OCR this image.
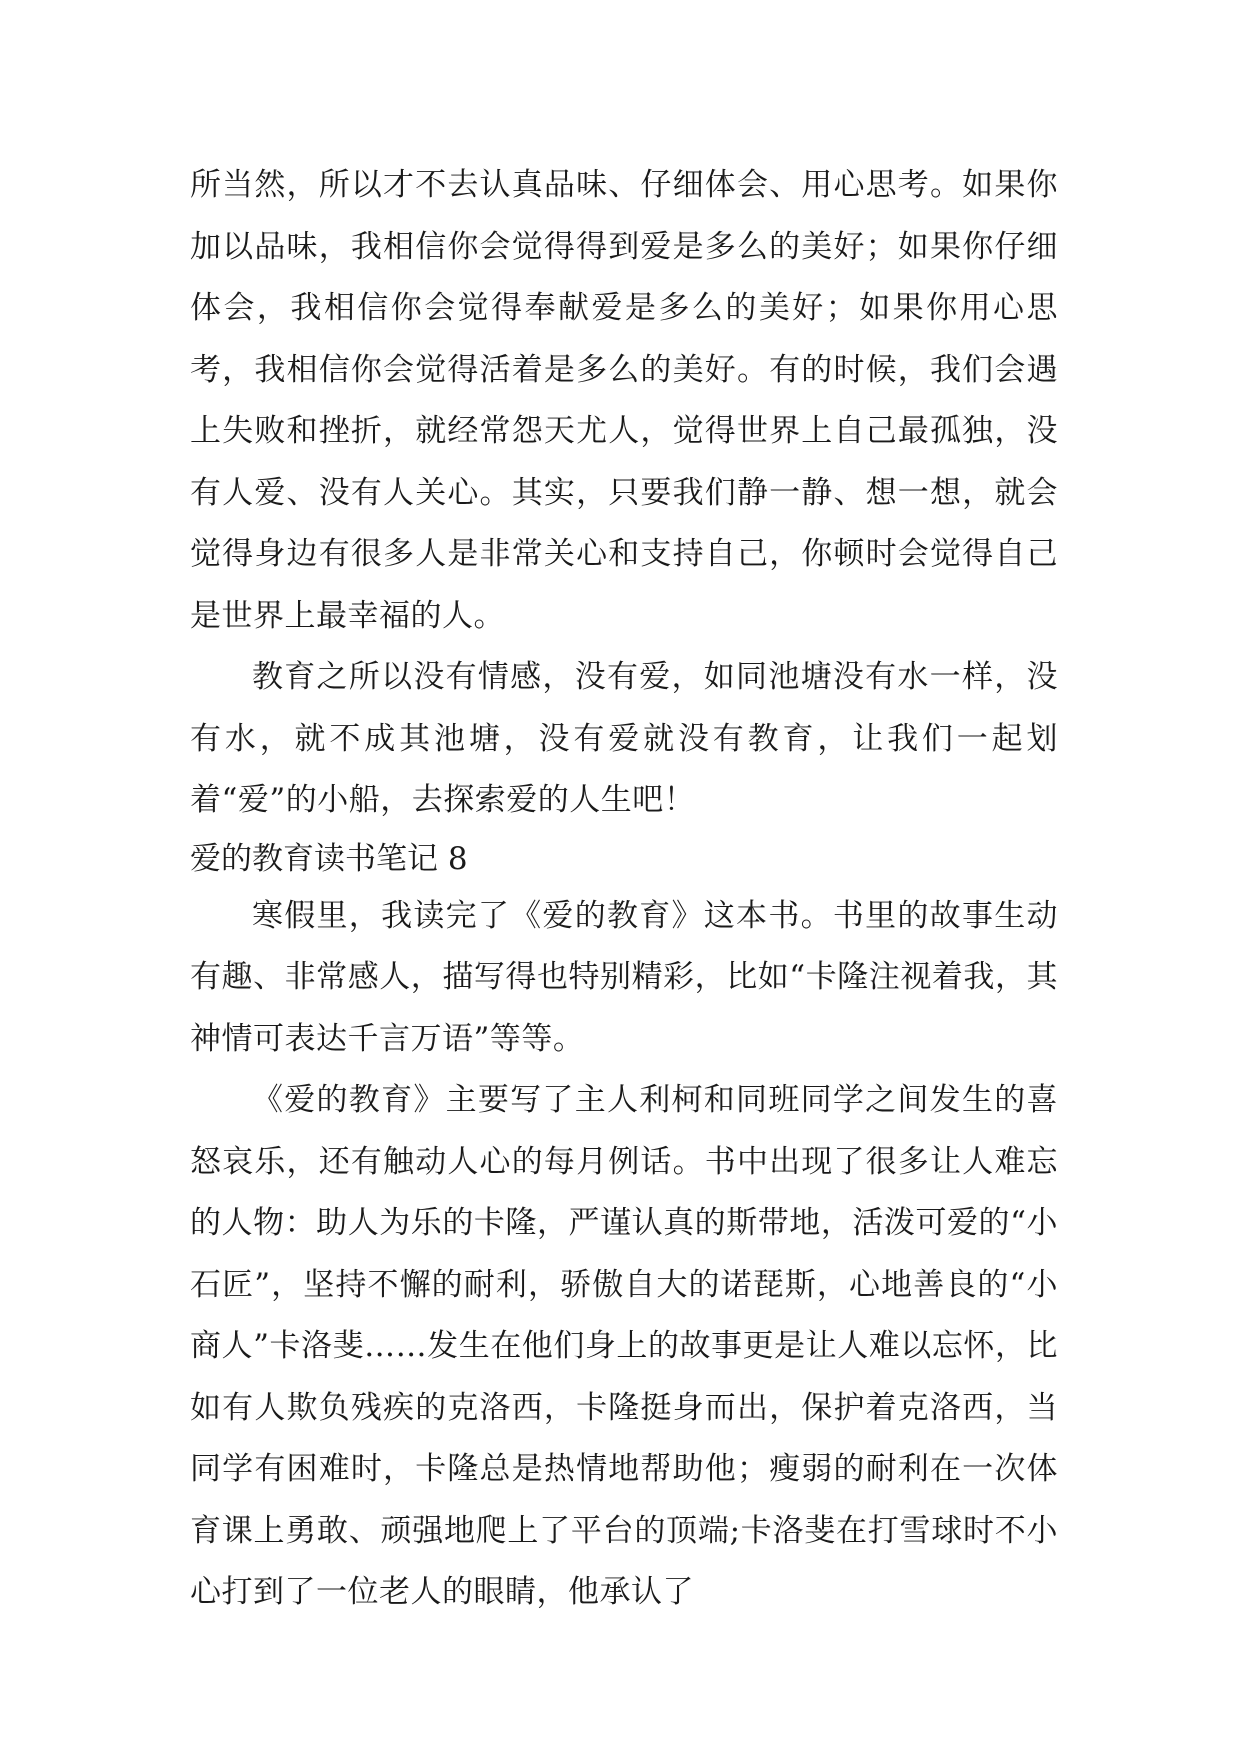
所当然，所以才不去认真品味、仔细体会、用心思考。如果你加以品味，我相信你会觉得得到爱是多么的美好；如果你仔细体会，我相信你会觉得奉献爱是多么的美好；如果你用心思考，我相信你会觉得活着是多么的美好。有的时候，我们会遇上失败和挫折，就经常怨天尤人，觉得世界上自己最孤独，没有人爱、没有人关心。其实，只要我们静一静、想一想，就会觉得身边有很多人是非常关心和支持自己，你顿时会觉得自己是世界上最幸福的人。

教育之所以没有情感，没有爱，如同池塘没有水一样，没有水，就不成其池塘，没有爱就没有教育，让我们一起划着“爱”的小船，去探索爱的人生吧！

爱的教育读书笔记 8

寒假里，我读完了《爱的教育》这本书。书里的故事生动有趣、非常感人，描写得也特别精彩，比如“卡隆注视着我，其神情可表达千言万语”等等。

《爱的教育》主要写了主人利柯和同班同学之间发生的喜怒哀乐，还有触动人心的每月例话。书中出现了很多让人难忘的人物：助人为乐的卡隆，严谨认真的斯带地，活泼可爱的“小石匠”，坚持不懈的耐利，骄傲自大的诺琵斯，心地善良的“小商人”卡洛斐……发生在他们身上的故事更是让人难以忘怀，比如有人欺负残疾的克洛西，卡隆挺身而出，保护着克洛西，当同学有困难时，卡隆总是热情地帮助他；瘦弱的耐利在一次体育课上勇敢、顽强地爬上了平台的顶端;卡洛斐在打雪球时不小心打到了一位老人的眼睛，他承认了
